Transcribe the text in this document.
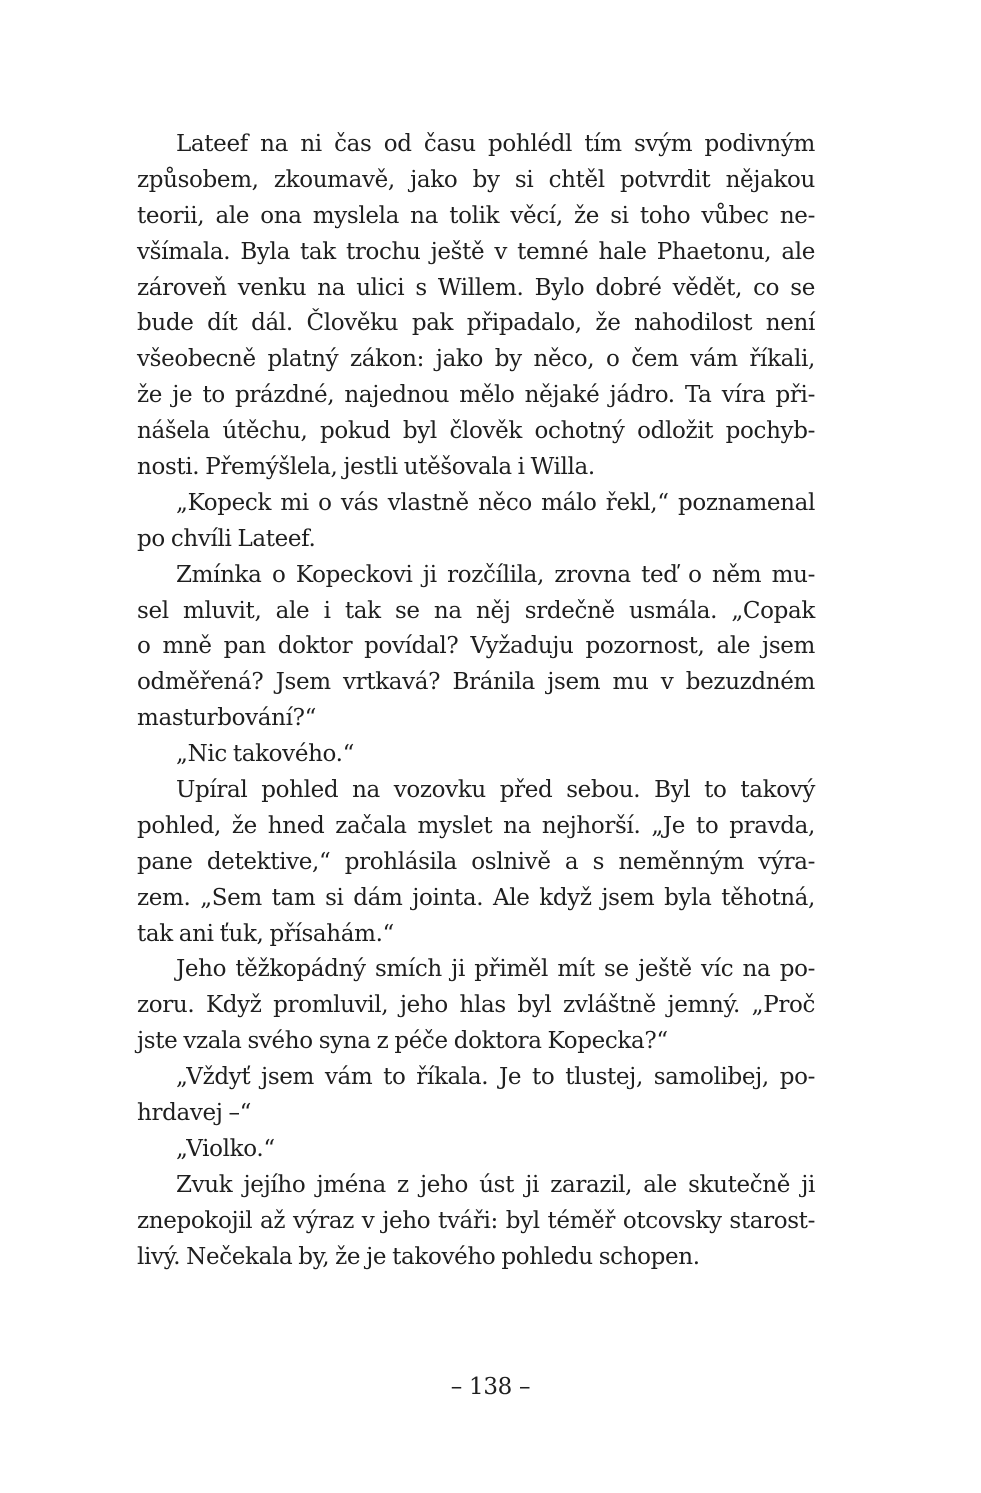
Lateef na ni čas od času pohlédl tím svým podivným
způsobem, zkoumavě, jako by si chtěl potvrdit nějakou
teorii, ale ona myslela na tolik věcí, že si toho vůbec ne-
všímala. Byla tak trochu ještě v temné hale Phaetonu, ale
zároveň venku na ulici s Willem. Bylo dobré vědět, co se
bude dít dál. Člověku pak připadalo, že nahodilost není
všeobecně platný zákon: jako by něco, o čem vám říkali,
že je to prázdné, najednou mělo nějaké jádro. Ta víra při-
nášela útěchu, pokud byl člověk ochotný odložit pochyb-
nosti. Přemýšlela, jestli utěšovala i Willa.
„Kopeck mi o vás vlastně něco málo řekl,“ poznamenal
po chvíli Lateef.
Zmínka o Kopeckovi ji rozčílila, zrovna teď o něm mu-
sel mluvit, ale i tak se na něj srdečně usmála. „Copak
o mně pan doktor povídal? Vyžaduju pozornost, ale jsem
odměřená? Jsem vrtkavá? Bránila jsem mu v bezuzdném
masturbování?“
„Nic takového.“
Upíral pohled na vozovku před sebou. Byl to takový
pohled, že hned začala myslet na nejhorší. „Je to pravda,
pane detektive,“ prohlásila oslnivě a s neměnným výra-
zem. „Sem tam si dám jointa. Ale když jsem byla těhotná,
tak ani ťuk, přísahám.“
Jeho těžkopádný smích ji přiměl mít se ještě víc na po-
zoru. Když promluvil, jeho hlas byl zvláštně jemný. „Proč
jste vzala svého syna z péče doktora Kopecka?“
„Vždyť jsem vám to říkala. Je to tlustej, samolibej, po-
hrdavej –“
„Violko.“
Zvuk jejího jména z jeho úst ji zarazil, ale skutečně ji
znepokojil až výraz v jeho tváři: byl téměř otcovsky starost-
livý. Nečekala by, že je takového pohledu schopen.
– 138 –
